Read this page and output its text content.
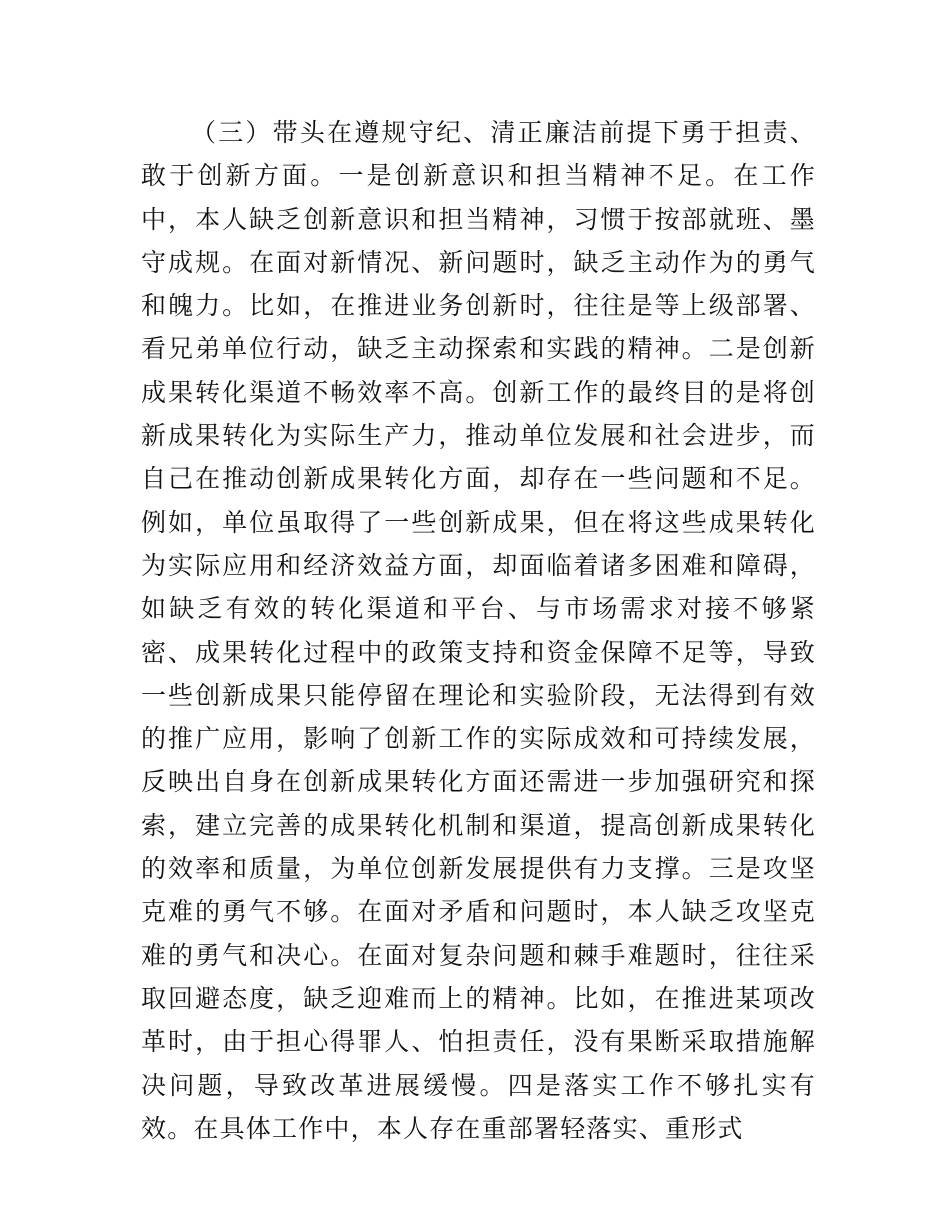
（三）带头在遵规守纪、清正廉洁前提下勇于担责、敢于创新方面。一是创新意识和担当精神不足。在工作中，本人缺乏创新意识和担当精神，习惯于按部就班、墨守成规。在面对新情况、新问题时，缺乏主动作为的勇气和魄力。比如，在推进业务创新时，往往是等上级部署、看兄弟单位行动，缺乏主动探索和实践的精神。二是创新成果转化渠道不畅效率不高。创新工作的最终目的是将创新成果转化为实际生产力，推动单位发展和社会进步，而自己在推动创新成果转化方面，却存在一些问题和不足。例如，单位虽取得了一些创新成果，但在将这些成果转化为实际应用和经济效益方面，却面临着诸多困难和障碍，如缺乏有效的转化渠道和平台、与市场需求对接不够紧密、成果转化过程中的政策支持和资金保障不足等，导致一些创新成果只能停留在理论和实验阶段，无法得到有效的推广应用，影响了创新工作的实际成效和可持续发展，反映出自身在创新成果转化方面还需进一步加强研究和探索，建立完善的成果转化机制和渠道，提高创新成果转化的效率和质量，为单位创新发展提供有力支撑。三是攻坚克难的勇气不够。在面对矛盾和问题时，本人缺乏攻坚克难的勇气和决心。在面对复杂问题和棘手难题时，往往采取回避态度，缺乏迎难而上的精神。比如，在推进某项改革时，由于担心得罪人、怕担责任，没有果断采取措施解决问题，导致改革进展缓慢。四是落实工作不够扎实有效。在具体工作中，本人存在重部署轻落实、重形式
